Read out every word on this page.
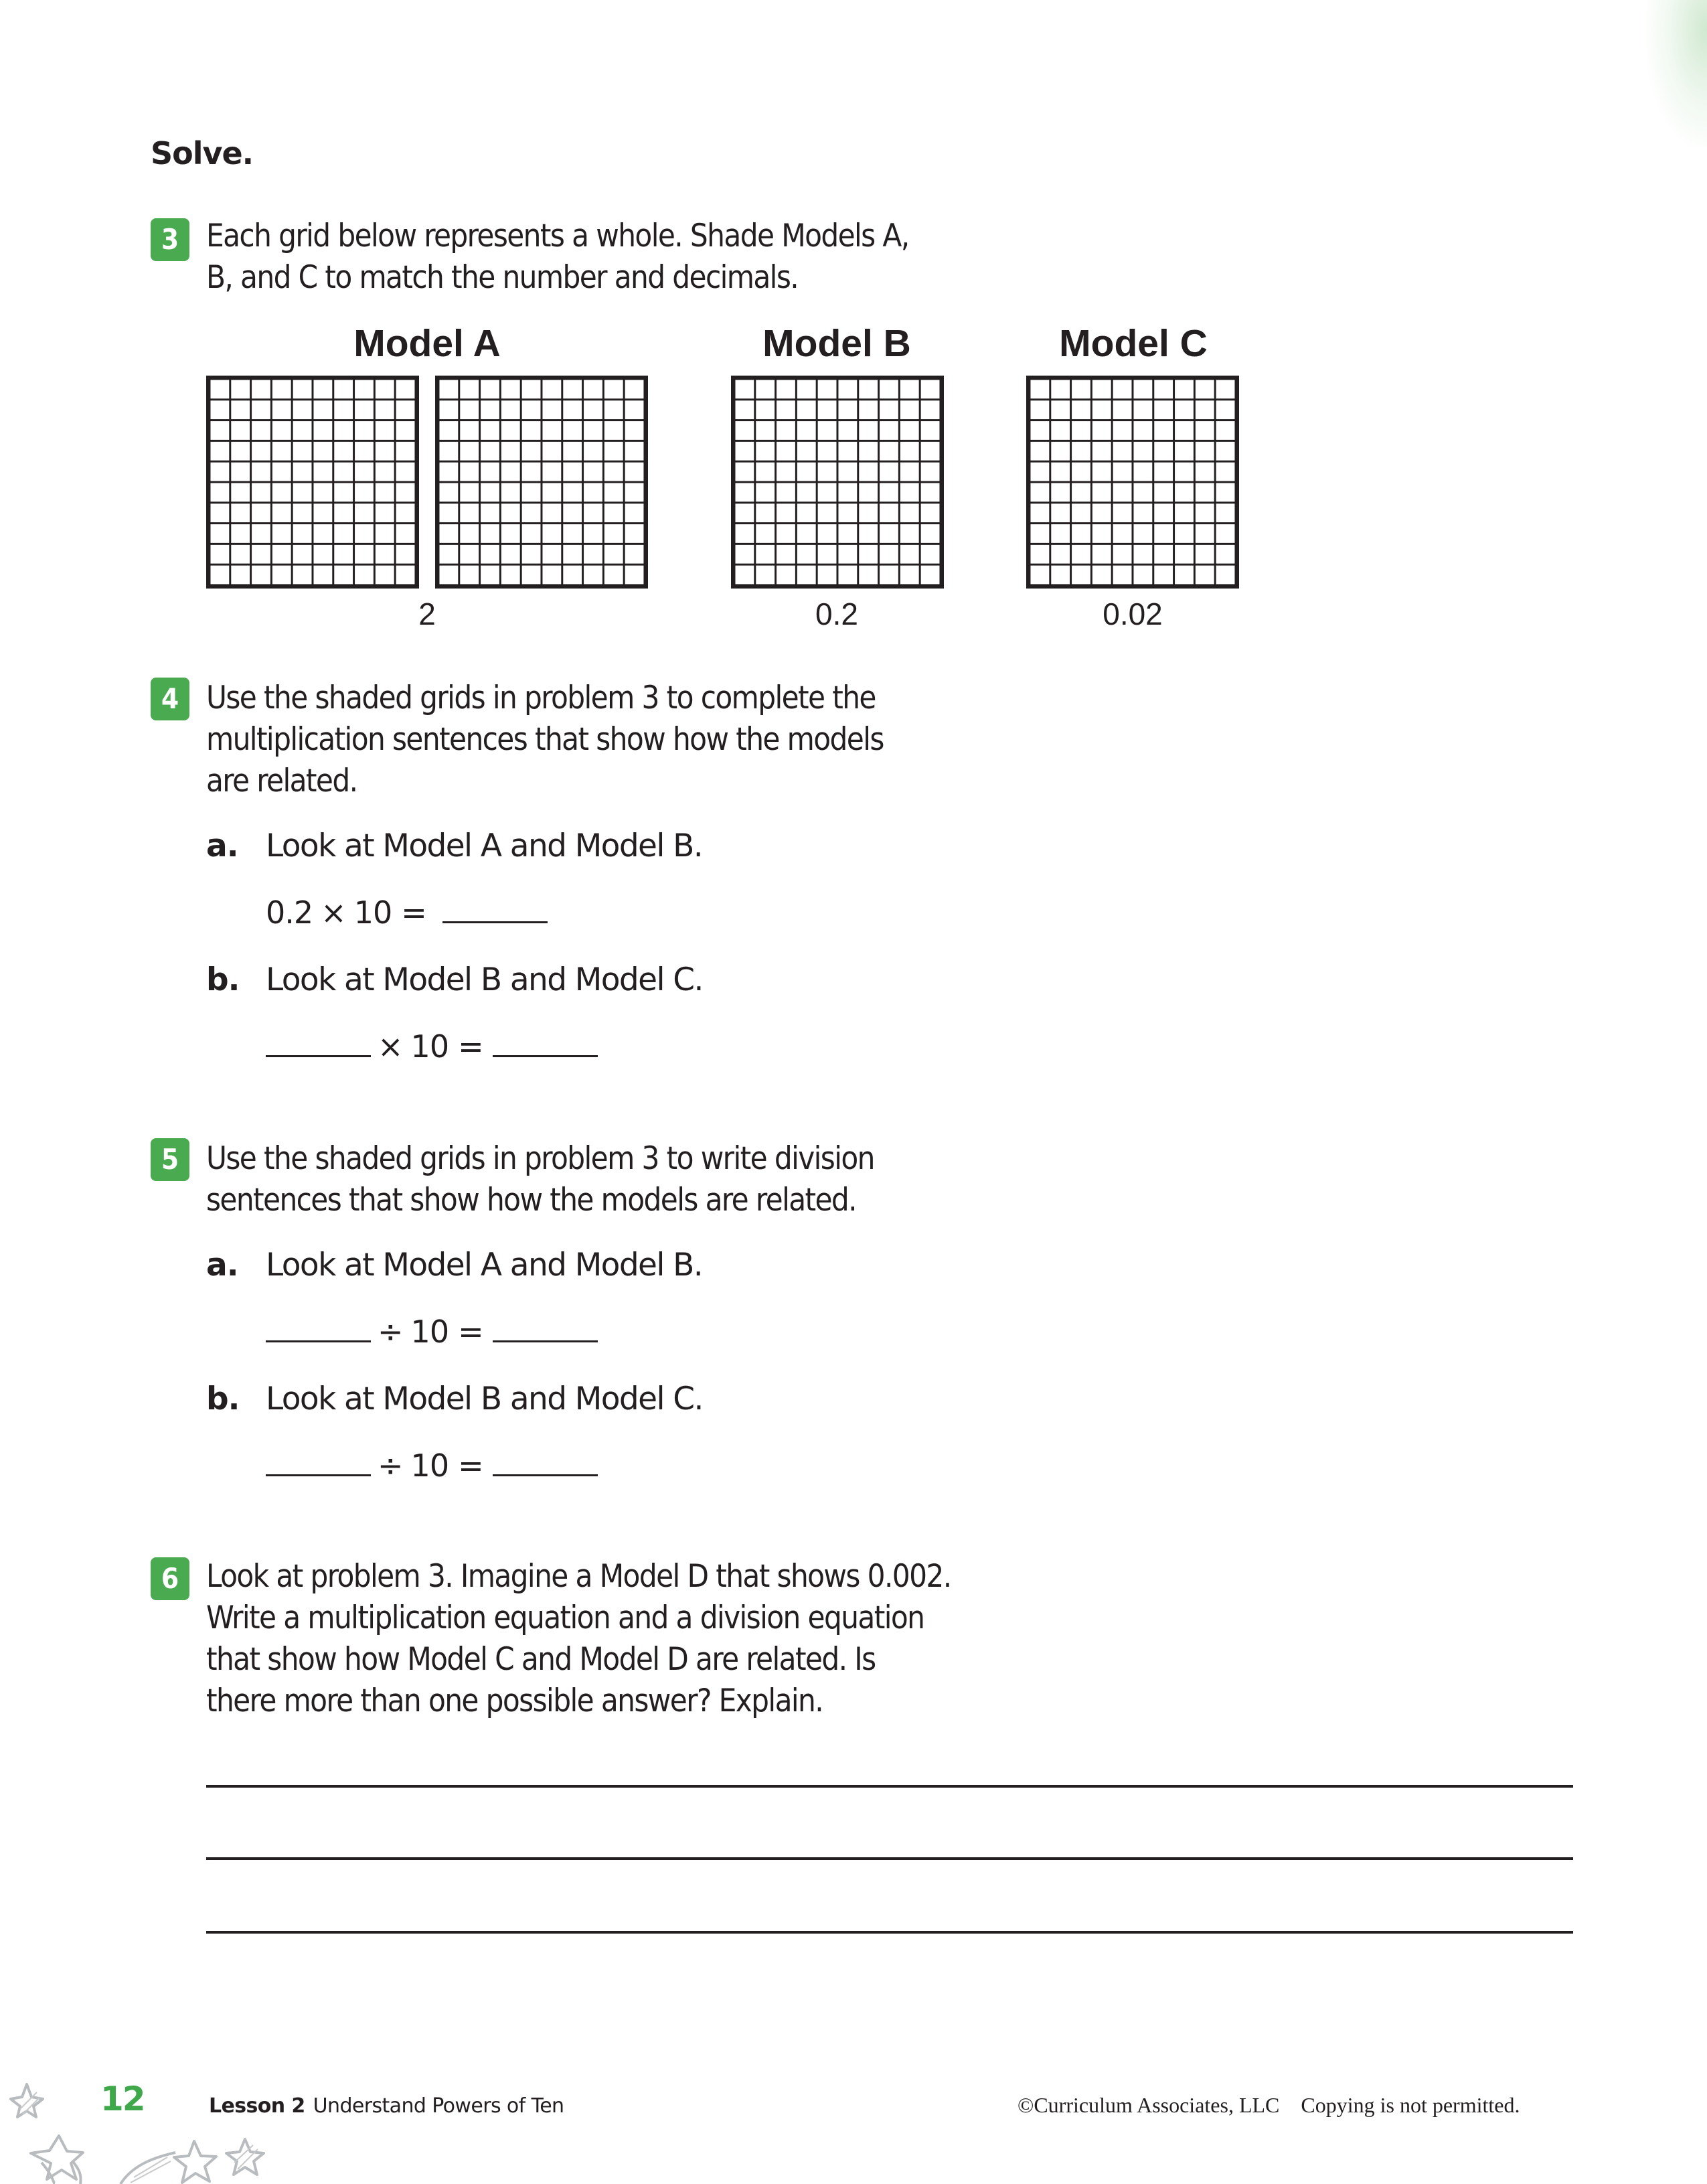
Solve.
3 Each grid below represents a whole. Shade Models A,
B, and C to match the number and decimals.
Model A	Model B	Model C
2	0.2	0.02
4 Use the shaded grids in problem 3 to complete the
multiplication sentences that show how the models
are related.
a. Look at Model A and Model B.
0.2 × 10 =
b. Look at Model B and Model C.
× 10 =
5 Use the shaded grids in problem 3 to write division
sentences that show how the models are related.
a. Look at Model A and Model B.
÷ 10 =
b. Look at Model B and Model C.
÷ 10 =
6 Look at problem 3. Imagine a Model D that shows 0.002.
Write a multiplication equation and a division equation
that show how Model C and Model D are related. Is
there more than one possible answer? Explain.
12	Lesson 2 Understand Powers of Ten	©Curriculum Associates, LLC Copying is not permitted.
